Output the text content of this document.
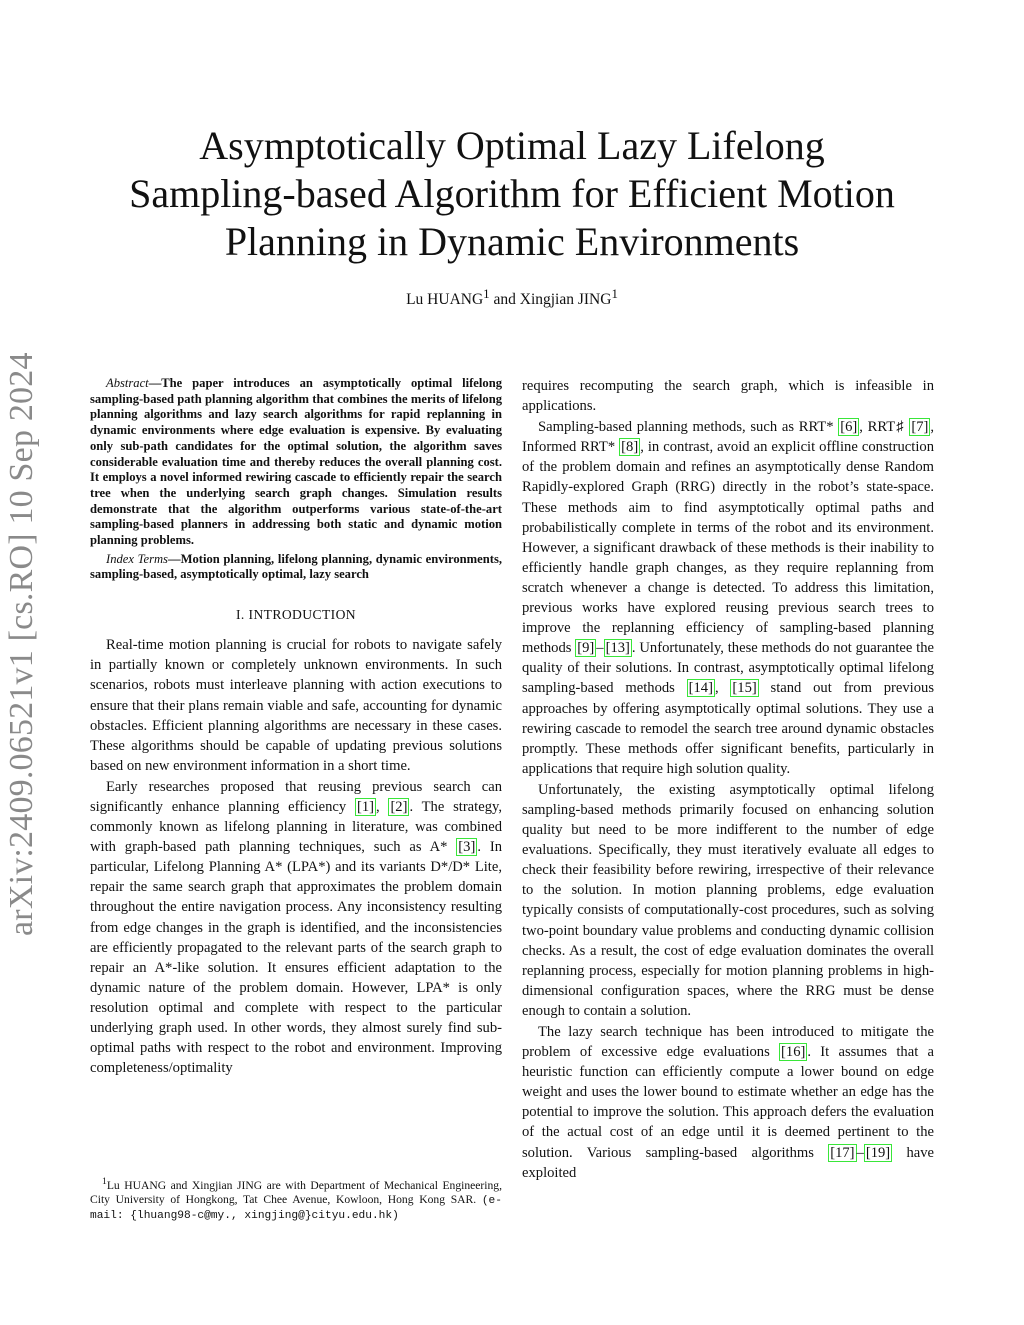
arXiv:2409.06521v1 [cs.RO] 10 Sep 2024
Asymptotically Optimal Lazy Lifelong
Sampling-based Algorithm for Efficient Motion
Planning in Dynamic Environments
Lu HUANG$^1$ and Xingjian JING$^1$
Abstract—The paper introduces an asymptotically optimal lifelong sampling-based path planning algorithm that combines the merits of lifelong planning algorithms and lazy search algorithms for rapid replanning in dynamic environments where edge evaluation is expensive. By evaluating only sub-path candidates for the optimal solution, the algorithm saves considerable evaluation time and thereby reduces the overall planning cost. It employs a novel informed rewiring cascade to efficiently repair the search tree when the underlying search graph changes. Simulation results demonstrate that the algorithm outperforms various state-of-the-art sampling-based planners in addressing both static and dynamic motion planning problems.
Index Terms—Motion planning, lifelong planning, dynamic environments, sampling-based, asymptotically optimal, lazy search
I. INTRODUCTION

Real-time motion planning is crucial for robots to navigate safely in partially known or completely unknown environments. In such scenarios, robots must interleave planning with action executions to ensure that their plans remain viable and safe, accounting for dynamic obstacles. Efficient planning algorithms are necessary in these cases. These algorithms should be capable of updating previous solutions based on new environment information in a short time.

Early researches proposed that reusing previous search can significantly enhance planning efficiency [1] , [2] . The strategy, commonly known as lifelong planning in literature, was combined with graph-based path planning techniques, such as A* [3] . In particular, Lifelong Planning A* (LPA*) and its variants D*/D* Lite, repair the same search graph that approximates the problem domain throughout the entire navigation process. Any inconsistency resulting from edge changes in the graph is identified, and the inconsistencies are efficiently propagated to the relevant parts of the search graph to repair an A*-like solution. It ensures efficient adaptation to the dynamic nature of the problem domain. However, LPA* is only resolution optimal and complete with respect to the particular underlying graph used. In other words, they almost surely find sub-optimal paths with respect to the robot and environment. Improving completeness/optimality

requires recomputing the search graph, which is infeasible in applications.

Sampling-based planning methods, such as RRT* [6] , RRT♯ [7] , Informed RRT* [8] , in contrast, avoid an explicit offline construction of the problem domain and refines an asymptotically dense Random Rapidly-explored Graph (RRG) directly in the robot’s state-space. These methods aim to find asymptotically optimal paths and probabilistically complete in terms of the robot and its environment. However, a significant drawback of these methods is their inability to efficiently handle graph changes, as they require replanning from scratch whenever a change is detected. To address this limitation, previous works have explored reusing previous search trees to improve the replanning efficiency of sampling-based planning methods [9] – [13] . Unfortunately, these methods do not guarantee the quality of their solutions. In contrast, asymptotically optimal lifelong sampling-based methods [14] , [15] stand out from previous approaches by offering asymptotically optimal solutions. They use a rewiring cascade to remodel the search tree around dynamic obstacles promptly. These methods offer significant benefits, particularly in applications that require high solution quality.

Unfortunately, the existing asymptotically optimal lifelong sampling-based methods primarily focused on enhancing solution quality but need to be more indifferent to the number of edge evaluations. Specifically, they must iteratively evaluate all edges to check their feasibility before rewiring, irrespective of their relevance to the solution. In motion planning problems, edge evaluation typically consists of computationally-cost procedures, such as solving two-point boundary value problems and conducting dynamic collision checks. As a result, the cost of edge evaluation dominates the overall replanning process, especially for motion planning problems in high-dimensional configuration spaces, where the RRG must be dense enough to contain a solution.

The lazy search technique has been introduced to mitigate the problem of excessive edge evaluations [16] . It assumes that a heuristic function can efficiently compute a lower bound on edge weight and uses the lower bound to estimate whether an edge has the potential to improve the solution. This approach defers the evaluation of the actual cost of an edge until it is deemed pertinent to the solution. Various sampling-based algorithms [17] – [19] have exploited

$^1$Lu HUANG and Xingjian JING are with Department of Mechanical Engineering, City University of Hongkong, Tat Chee Avenue, Kowloon, Hong Kong SAR. (e-mail: {lhuang98-c@my., xingjing@}cityu.edu.hk)
